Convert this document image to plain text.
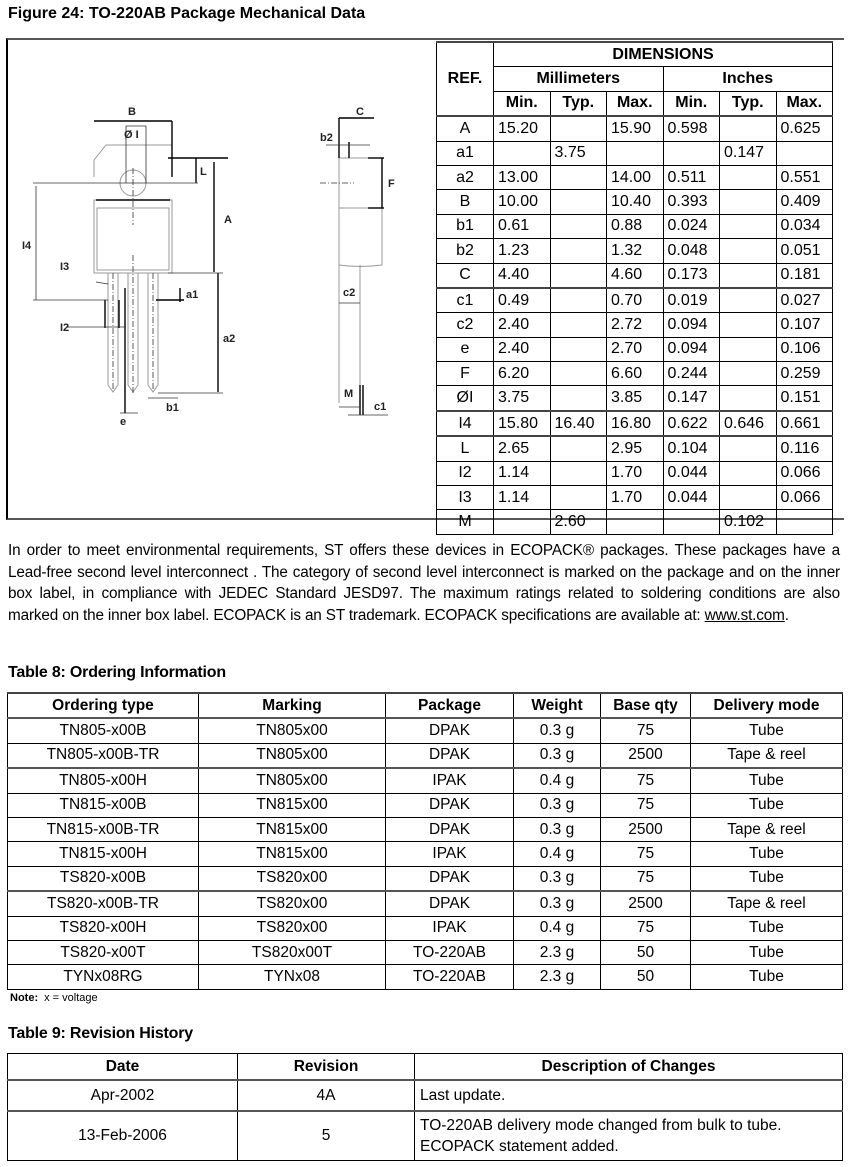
Figure 24: TO-220AB Package Mechanical Data
B
Ø I
L
A
I4
I3
a1
I2
a2
b1
e
C
b2
F
c2
M
c1
REF.	DIMENSIONS					
	Millimeters			Inches		
	Min.	Typ.	Max.	Min.	Typ.	Max.
A	15.20		15.90	0.598		0.625
a1		3.75			0.147	
a2	13.00		14.00	0.511		0.551
B	10.00		10.40	0.393		0.409
b1	0.61		0.88	0.024		0.034
b2	1.23		1.32	0.048		0.051
C	4.40		4.60	0.173		0.181
c1	0.49		0.70	0.019		0.027
c2	2.40		2.72	0.094		0.107
e	2.40		2.70	0.094		0.106
F	6.20		6.60	0.244		0.259
ØI	3.75		3.85	0.147		0.151
I4	15.80	16.40	16.80	0.622	0.646	0.661
L	2.65		2.95	0.104		0.116
I2	1.14		1.70	0.044		0.066
I3	1.14		1.70	0.044		0.066
M		2.60			0.102	
In order to meet environmental requirements, ST offers these devices in ECOPACK® packages. These packages have a Lead-free second level interconnect . The category of second level interconnect is marked on the package and on the inner box label, in compliance with JEDEC Standard JESD97. The maximum ratings related to soldering conditions are also marked on the inner box label. ECOPACK is an ST trademark. ECOPACK specifications are available at: www.st.com.
Table 8: Ordering Information
Ordering type	Marking	Package	Weight	Base qty	Delivery mode
TN805-x00B	TN805x00	DPAK	0.3 g	75	Tube
TN805-x00B-TR	TN805x00	DPAK	0.3 g	2500	Tape & reel
TN805-x00H	TN805x00	IPAK	0.4 g	75	Tube
TN815-x00B	TN815x00	DPAK	0.3 g	75	Tube
TN815-x00B-TR	TN815x00	DPAK	0.3 g	2500	Tape & reel
TN815-x00H	TN815x00	IPAK	0.4 g	75	Tube
TS820-x00B	TS820x00	DPAK	0.3 g	75	Tube
TS820-x00B-TR	TS820x00	DPAK	0.3 g	2500	Tape & reel
TS820-x00H	TS820x00	IPAK	0.4 g	75	Tube
TS820-x00T	TS820x00T	TO-220AB	2.3 g	50	Tube
TYNx08RG	TYNx08	TO-220AB	2.3 g	50	Tube
Note: x = voltage
Table 9: Revision History
Date	Revision	Description of Changes
Apr-2002	4A	Last update.

13-Feb-2006	5	TO-220AB delivery mode changed from bulk to tube.
ECOPACK statement added.
